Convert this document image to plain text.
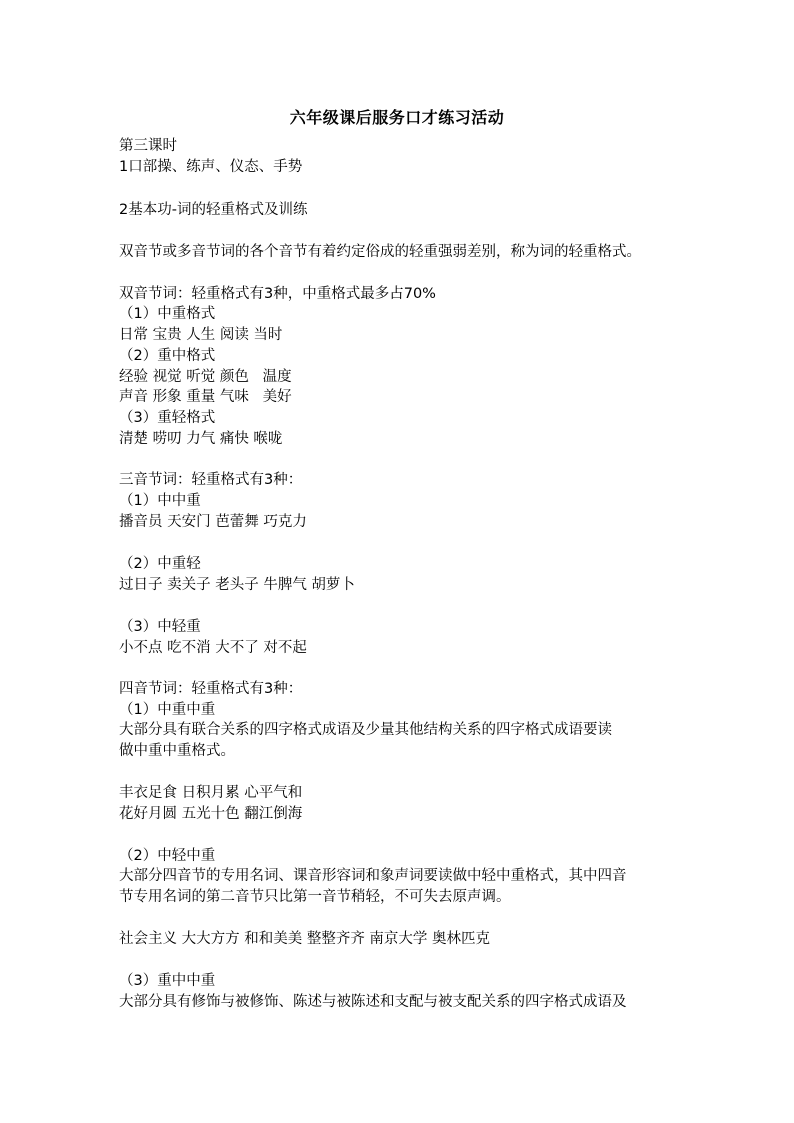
六年级课后服务口才练习活动
第三课时
1口部操、练声、仪态、手势
2基本功-词的轻重格式及训练
双音节或多音节词的各个音节有着约定俗成的轻重强弱差别，称为词的轻重格式。
双音节词：轻重格式有3种，中重格式最多占70%
（1）中重格式
日常 宝贵 人生 阅读 当时
（2）重中格式
经验 视觉 听觉 颜色   温度
声音 形象 重量 气味   美好
（3）重轻格式
清楚 唠叨 力气 痛快 喉咙
三音节词：轻重格式有3种：
（1）中中重
播音员 天安门 芭蕾舞 巧克力
（2）中重轻
过日子 卖关子 老头子 牛脾气 胡萝卜
（3）中轻重
小不点 吃不消 大不了 对不起
四音节词：轻重格式有3种：
（1）中重中重
大部分具有联合关系的四字格式成语及少量其他结构关系的四字格式成语要读
做中重中重格式。
丰衣足食 日积月累 心平气和
花好月圆 五光十色 翻江倒海
（2）中轻中重
大部分四音节的专用名词、课音形容词和象声词要读做中轻中重格式，其中四音
节专用名词的第二音节只比第一音节稍轻，不可失去原声调。
社会主义 大大方方 和和美美 整整齐齐 南京大学 奥林匹克
（3）重中中重
大部分具有修饰与被修饰、陈述与被陈述和支配与被支配关系的四字格式成语及
